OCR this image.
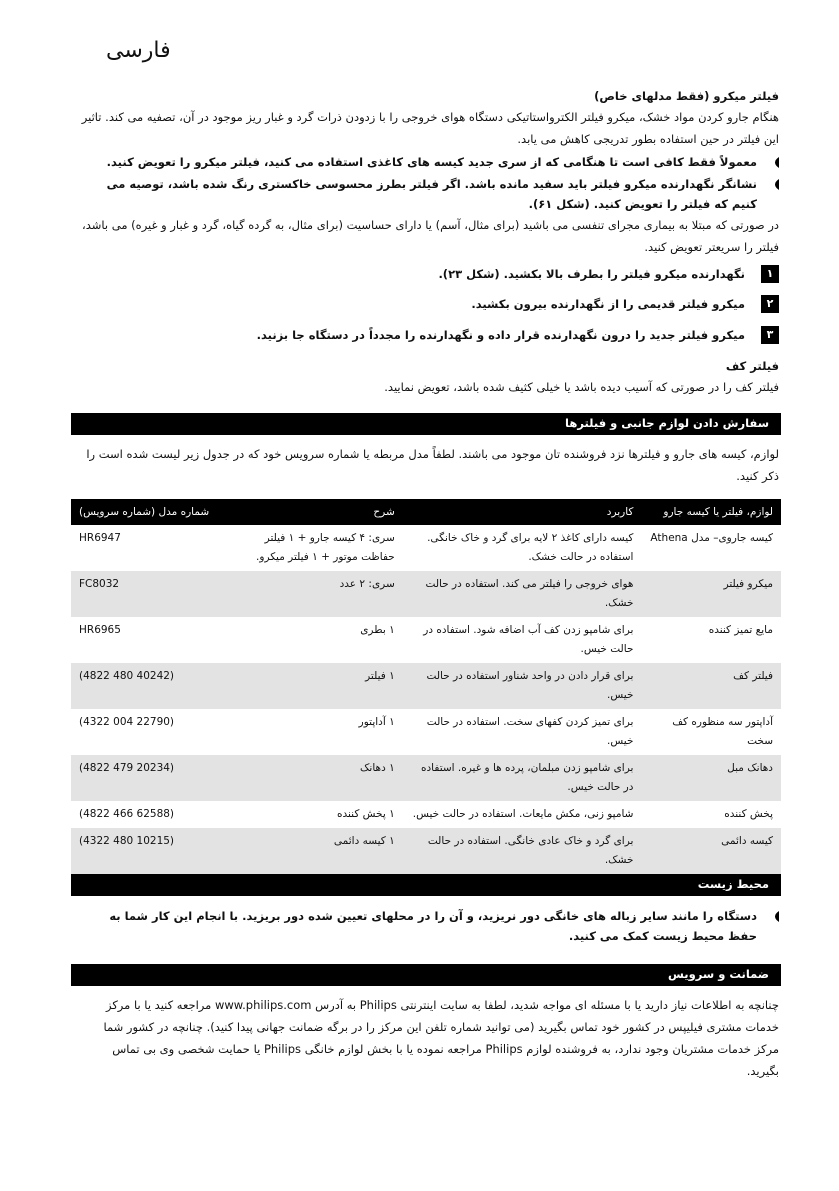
فارسی

فیلتر میکرو (فقط مدلهای خاص)

هنگام جارو کردن مواد خشک، میکرو فیلتر الکترواستاتیکی دستگاه هوای خروجی را با زدودن ذرات گرد و غبار ریز موجود در آن، تصفیه می کند. تاثیر این فیلتر در حین استفاده بطور تدریجی کاهش می یابد.

معمولاً فقط کافی است تا هنگامی که از سری جدید کیسه های کاغذی استفاده می کنید، فیلتر میکرو را تعویض کنید.
نشانگر نگهدارنده میکرو فیلتر باید سفید مانده باشد. اگر فیلتر بطرز محسوسی خاکستری رنگ شده باشد، توصیه می کنیم که فیلتر را تعویض کنید. (شکل ۶۱).

در صورتی که مبتلا به بیماری مجرای تنفسی می باشید (برای مثال، آسم) یا دارای حساسیت (برای مثال، به گرده گیاه، گرد و غبار و غیره) می باشد، فیلتر را سریعتر تعویض کنید.

۱
نگهدارنده میکرو فیلتر را بطرف بالا بکشید. (شکل ۲۳).
۲
میکرو فیلتر قدیمی را از نگهدارنده بیرون بکشید.
۳
میکرو فیلتر جدید را درون نگهدارنده قرار داده و نگهدارنده را مجدداً در دستگاه جا بزنید.

فیلتر کف

فیلتر کف را در صورتی که آسیب دیده باشد یا خیلی کثیف شده باشد، تعویض نمایید.

سفارش دادن لوازم جانبی و فیلترها

لوازم، کیسه های جارو و فیلترها نزد فروشنده تان موجود می باشند. لطفاً مدل مربطه یا شماره سرویس خود که در جدول زیر لیست شده است را ذکر کنید.

لوازم، فیلتر یا کیسه جارو	کاربرد	شرح	شماره مدل (شماره سرویس)
کیسه جاروی– مدل Athena	کیسه دارای کاغذ ۲ لایه برای گرد و خاک خانگی. استفاده در حالت خشک.	سری: ۴ کیسه جارو + ۱ فیلتر حفاظت موتور + ۱ فیلتر میکرو.	HR6947
میکرو فیلتر	هوای خروجی را فیلتر می کند. استفاده در حالت خشک.	سری: ۲ عدد	FC8032
مایع تمیز کننده	برای شامپو زدن کف آب اضافه شود. استفاده در حالت خیس.	۱ بطری	HR6965
فیلتر کف	برای قرار دادن در واحد شناور استفاده در حالت خیس.	۱ فیلتر	(4822 480 40242)
آداپتور سه منظوره کف سخت	برای تمیز کردن کفهای سخت. استفاده در حالت خیس.	۱ آداپتور	(4322 004 22790)
دهانک مبل	برای شامپو زدن مبلمان، پرده ها و غیره. استفاده در حالت خیس.	۱ دهانک	(4822 479 20234)
پخش کننده	شامپو زنی، مکش مایعات. استفاده در حالت خیس.	۱ پخش کننده	(4822 466 62588)
کیسه دائمی	برای گرد و خاک عادی خانگی. استفاده در حالت خشک.	۱ کیسه دائمی	(4322 480 10215)
محیط زیست
دستگاه را مانند سایر زباله های خانگی دور نریزید، و آن را در محلهای تعیین شده دور بریزید. با انجام این کار شما به حفظ محیط زیست کمک می کنید.
ضمانت و سرویس

چنانچه به اطلاعات نیاز دارید یا با مسئله ای مواجه شدید، لطفا به سایت اینترنتی Philips به آدرس www.philips.com مراجعه کنید یا با مرکز خدمات مشتری فیلیپس در کشور خود تماس بگیرید (می توانید شماره تلفن این مرکز را در برگه ضمانت جهانی پیدا کنید). چنانچه در کشور شما مرکز خدمات مشتریان وجود ندارد، به فروشنده لوازم Philips مراجعه نموده یا با بخش لوازم خانگی Philips یا حمایت شخصی وی بی تماس بگیرید.
